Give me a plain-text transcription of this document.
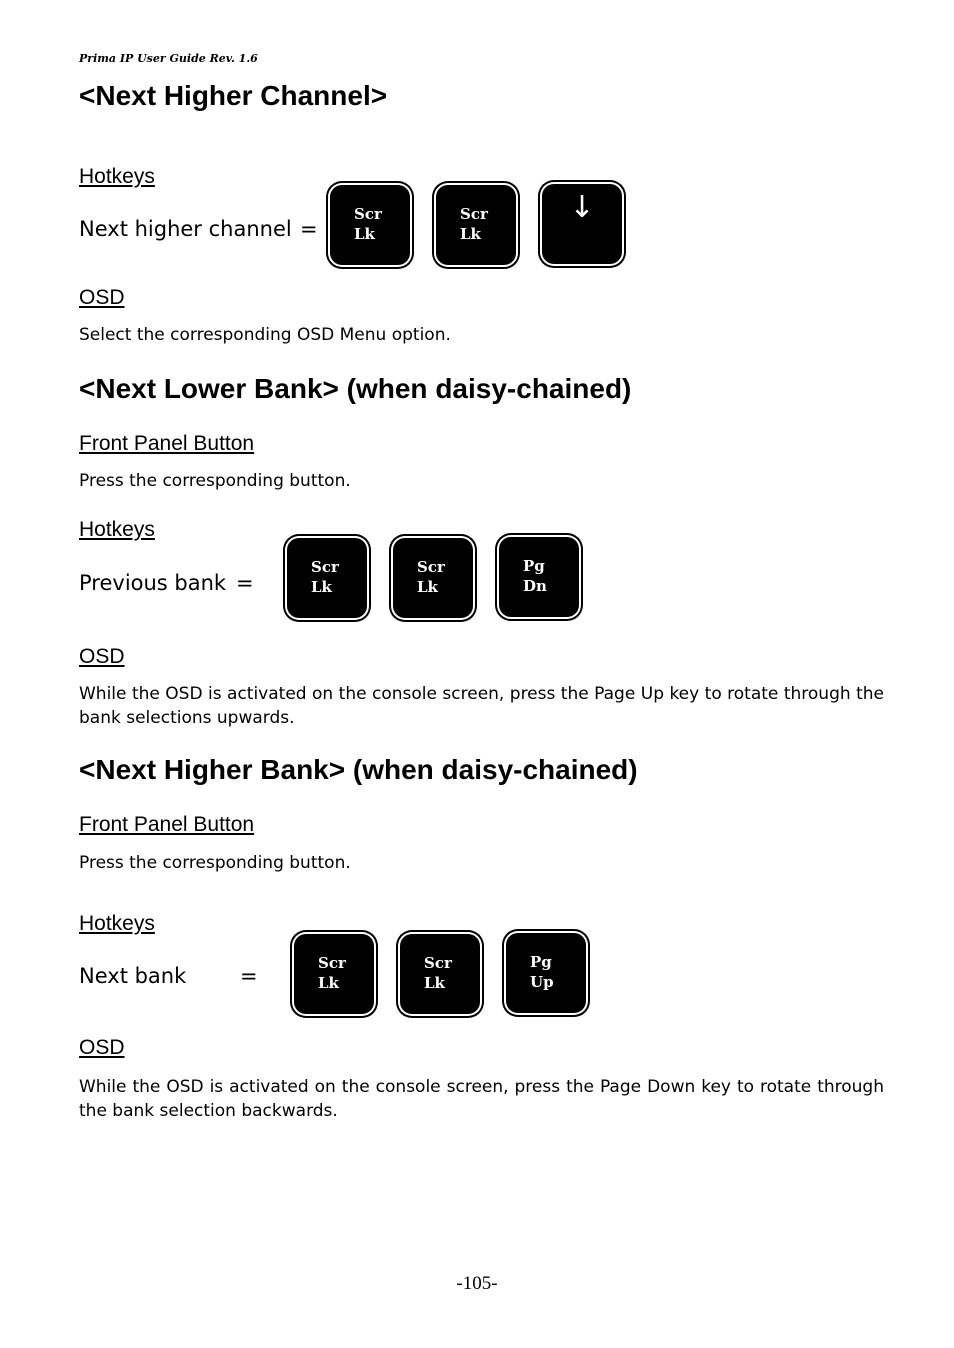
Prima IP User Guide Rev. 1.6
<Next Higher Channel>
Hotkeys
Next higher channel =
Scr
Lk
Scr
Lk
↓
OSD
Select the corresponding OSD Menu option.
<Next Lower Bank> (when daisy-chained)
Front Panel Button
Press the corresponding button.
Hotkeys
Previous bank =
Scr
Lk
Scr
Lk
Pg
Dn
OSD
While the OSD is activated on the console screen, press the Page Up key to rotate through the bank selections upwards.
<Next Higher Bank> (when daisy-chained)
Front Panel Button
Press the corresponding button.
Hotkeys
Next bank	=
Scr
Lk
Scr
Lk
Pg
Up
OSD
While the OSD is activated on the console screen, press the Page Down key to rotate through the bank selection backwards.
-105-
